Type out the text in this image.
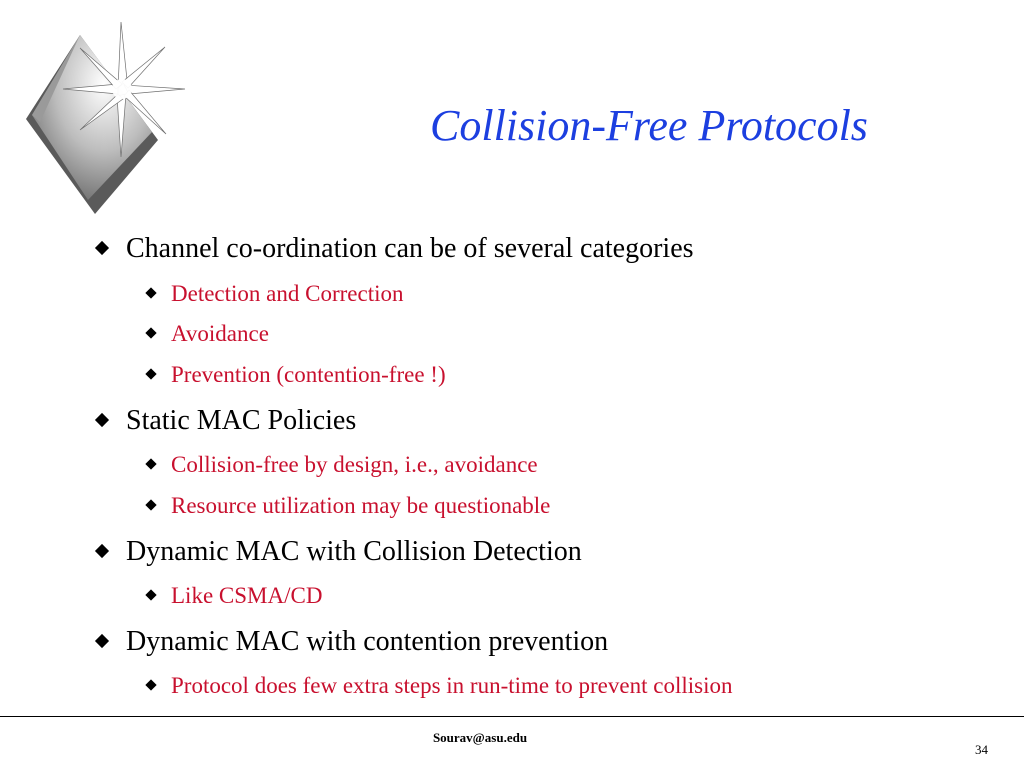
Collision-Free Protocols
Channel co-ordination can be of several categories
Detection and Correction
Avoidance
Prevention (contention-free !)
Static MAC Policies
Collision-free by design, i.e., avoidance
Resource utilization may be questionable
Dynamic MAC with Collision Detection
Like CSMA/CD
Dynamic MAC with contention prevention
Protocol does few extra steps in run-time to prevent collision
Sourav@asu.edu
34
